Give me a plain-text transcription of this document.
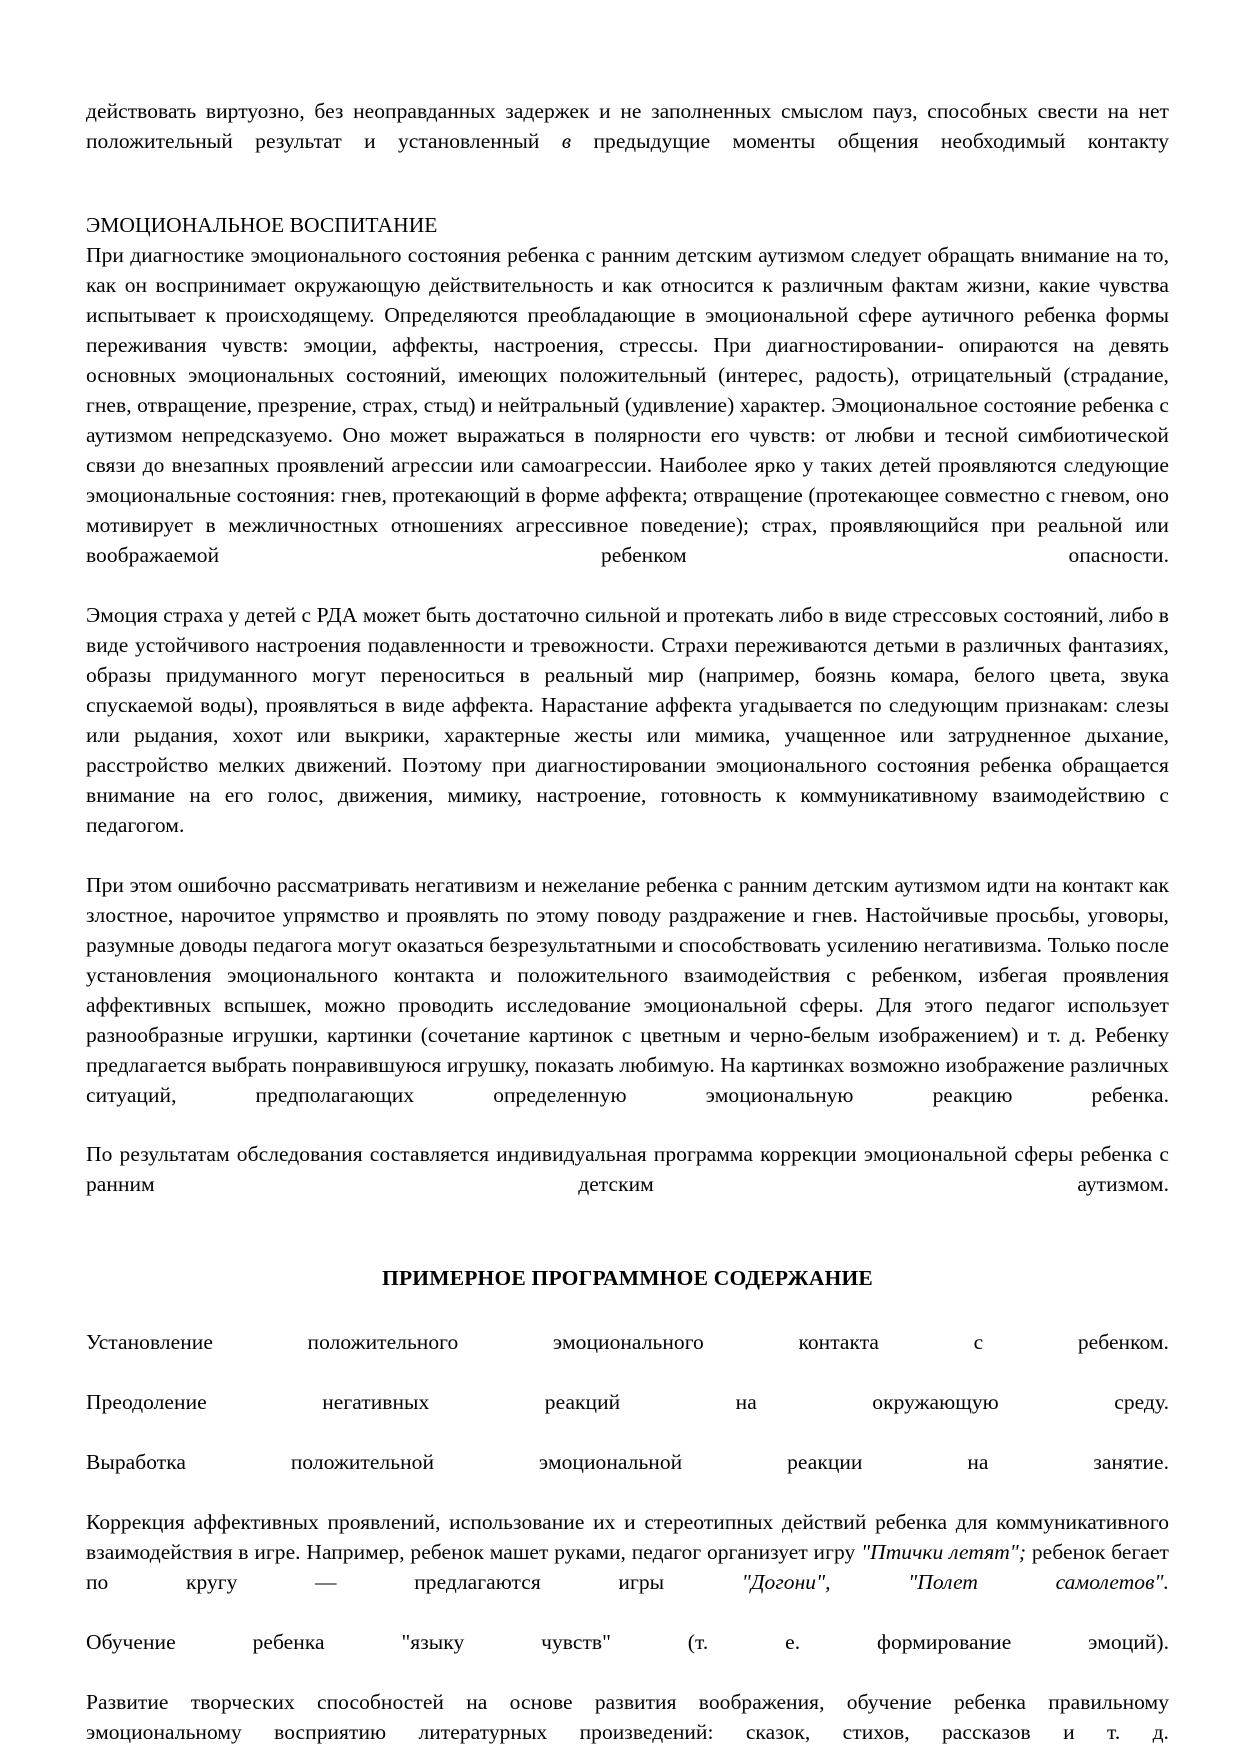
действовать виртуозно, без неоправданных задержек и не заполненных смыслом пауз, способных свести на нет положительный результат и установленный в предыдущие моменты общения необходимый контакту

ЭМОЦИОНАЛЬНОЕ ВОСПИТАНИЕ

При диагностике эмоционального состояния ребенка с ранним детским аутизмом следует обращать внимание на то, как он воспринимает окружающую действительность и как относится к различным фактам жизни, какие чувства испытывает к происходящему. Определяются преобладающие в эмоциональной сфере аутичного ребенка формы переживания чувств: эмоции, аффекты, настроения, стрессы. При диагностировании- опираются на девять основных эмоциональных состояний, имеющих положительный (интерес, радость), отрицательный (страдание, гнев, отвращение, презрение, страх, стыд) и нейтральный (удивление) характер. Эмоциональное состояние ребенка с аутизмом непредсказуемо. Оно может выражаться в полярности его чувств: от любви и тесной симбиотической связи до внезапных проявлений агрессии или самоагрессии. Наиболее ярко у таких детей проявляются следующие эмоциональные состояния: гнев, протекающий в форме аффекта; отвращение (протекающее совместно с гневом, оно мотивирует в межличностных отношениях агрессивное поведение); страх, проявляющийся при реальной или воображаемой ребенком опасности.

Эмоция страха у детей с РДА может быть достаточно сильной и протекать либо в виде стрессовых состояний, либо в виде устойчивого настроения подавленности и тревожности. Страхи переживаются детьми в различных фантазиях, образы придуманного могут переноситься в реальный мир (например, боязнь комара, белого цвета, звука спускаемой воды), проявляться в виде аффекта. Нарастание аффекта угадывается по следующим признакам: слезы или рыдания, хохот или выкрики, характерные жесты или мимика, учащенное или затрудненное дыхание, расстройство мелких движений. Поэтому при диагностировании эмоционального состояния ребенка обращается внимание на его голос, движения, мимику, настроение, готовность к коммуникативному взаимодействию с педагогом.

При этом ошибочно рассматривать негативизм и нежелание ребенка с ранним детским аутизмом идти на контакт как злостное, нарочитое упрямство и проявлять по этому поводу раздражение и гнев. Настойчивые просьбы, уговоры, разумные доводы педагога могут оказаться безрезультатными и способствовать усилению негативизма. Только после установления эмоционального контакта и положительного взаимодействия с ребенком, избегая проявления аффективных вспышек, можно проводить исследование эмоциональной сферы. Для этого педагог использует разнообразные игрушки, картинки (сочетание картинок с цветным и черно-белым изображением) и т. д. Ребенку предлагается выбрать понравившуюся игрушку, показать любимую. На картинках возможно изображение различных ситуаций, предполагающих определенную эмоциональную реакцию ребенка.

По результатам обследования составляется индивидуальная программа коррекции эмоциональной сферы ребенка с ранним детским аутизмом.

ПРИМЕРНОЕ ПРОГРАММНОЕ СОДЕРЖАНИЕ

Установление положительного эмоционального контакта с ребенком.

Преодоление негативных реакций на окружающую среду.

Выработка положительной эмоциональной реакции на занятие.

Коррекция аффективных проявлений, использование их и стереотипных действий ребенка для коммуникативного взаимодействия в игре. Например, ребенок машет руками, педагог организует игру "Птички летят"; ребенок бегает по кругу — предлагаются игры "Догони", "Полет самолетов".

Обучение ребенка "языку чувств" (т. е. формирование эмоций).

Развитие творческих способностей на основе развития воображения, обучение ребенка правильному эмоциональному восприятию литературных произведений: сказок, стихов, рассказов и т. д.
